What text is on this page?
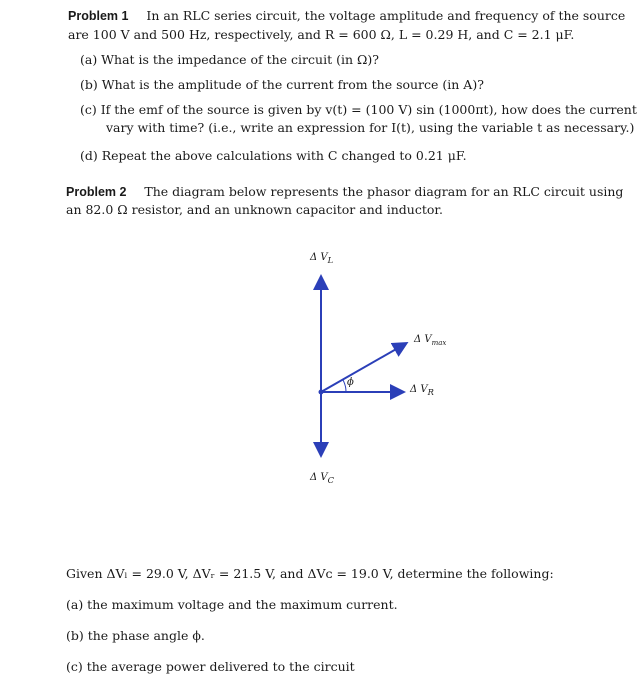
Problem 1 In an RLC series circuit, the voltage amplitude and frequency of the source
are 100 V and 500 Hz, respectively, and R = 600 Ω, L = 0.29 H, and C = 2.1 μF.
(a) What is the impedance of the circuit (in Ω)?
(b) What is the amplitude of the current from the source (in A)?
(c) If the emf of the source is given by v(t) = (100 V) sin (1000πt), how does the current
vary with time? (i.e., write an expression for I(t), using the variable t as necessary.)
(d) Repeat the above calculations with C changed to 0.21 μF.
Problem 2 The diagram below represents the phasor diagram for an RLC circuit using
an 82.0 Ω resistor, and an unknown capacitor and inductor.
Δ $V_L$
Δ $V_{max}$
Δ $V_R$
Δ $V_C$
ϕ
Given ΔVₗ = 29.0 V, ΔVᵣ = 21.5 V, and ΔVᴄ = 19.0 V, determine the following:
(a) the maximum voltage and the maximum current.
(b) the phase angle ϕ.
(c) the average power delivered to the circuit
